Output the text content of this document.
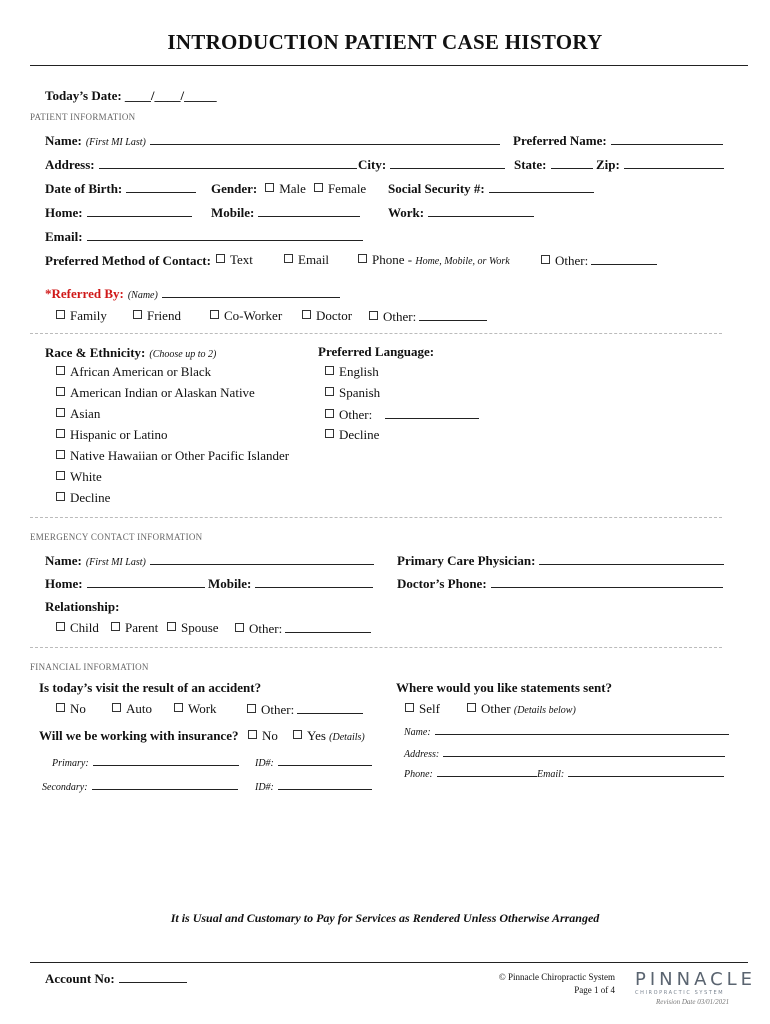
INTRODUCTION PATIENT CASE HISTORY
Today’s Date: ____/____/_____
PATIENT INFORMATION
Name: (First MI Last)	Preferred Name:
Address:	City:	State:	Zip:
Date of Birth:	Gender: Male Female Social Security #:
Home:	Mobile:	Work:
Email:
Preferred Method of Contact:	Text	Email	Phone - Home, Mobile, or Work	Other:
*Referred By: (Name)
Family	Friend	Co-Worker	Doctor	Other:
Race & Ethnicity: (Choose up to 2)	Preferred Language:
African American or Black
American Indian or Alaskan Native
Asian
Hispanic or Latino
Native Hawaiian or Other Pacific Islander
White
Decline
English
Spanish
Other:
Decline
EMERGENCY CONTACT INFORMATION
Name: (First MI Last)	Primary Care Physician:
Home:	Mobile:	Doctor’s Phone:
Relationship:
Child	Parent	Spouse	Other:
FINANCIAL INFORMATION
Is today’s visit the result of an accident?
No	Auto	Work	Other:
Where would you like statements sent?
Self	Other (Details below)
Will we be working with insurance?	No	Yes (Details)
Primary:	ID#:
Secondary:	ID#:
Name:
Address:
Phone:	Email:
It is Usual and Customary to Pay for Services as Rendered Unless Otherwise Arranged
Account No:	© Pinnacle Chiropractic System
Page 1 of 4 PINNACLE
CHIROPRACTIC SYSTEM
Revision Date 03/01/2021
